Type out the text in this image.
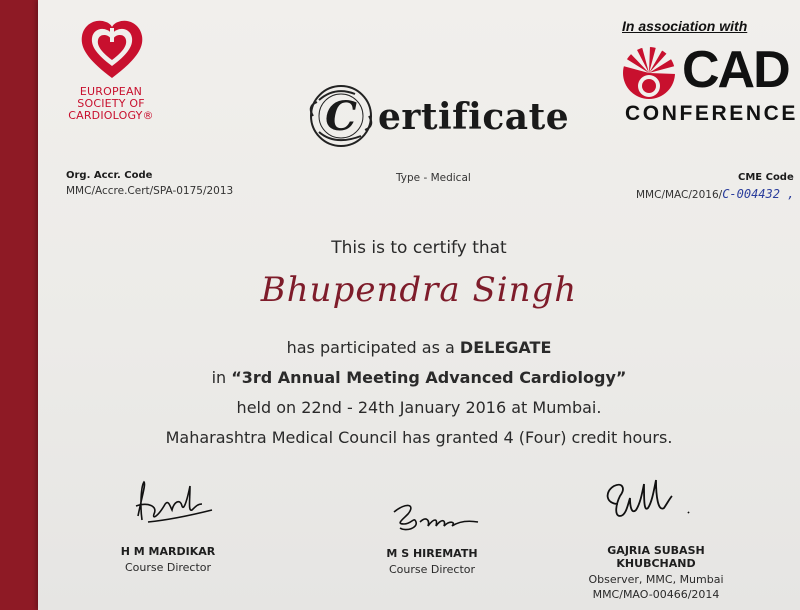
EUROPEAN
SOCIETY OF
CARDIOLOGY®
In association with
CAD
CONFERENCE
C ertificate
Org. Accr. Code
MMC/Accre.Cert/SPA-0175/2013
Type - Medical	CME Code
MMC/MAC/2016/C-004432 ,
This is to certify that
Bhupendra Singh
has participated as a DELEGATE
in “3rd Annual Meeting Advanced Cardiology”
held on 22nd - 24th January 2016 at Mumbai.
Maharashtra Medical Council has granted 4 (Four) credit hours.
H M MARDIKAR
Course Director
M S HIREMATH
Course Director
GAJRIA SUBASH KHUBCHAND
Observer, MMC, Mumbai
MMC/MAO-00466/2014
